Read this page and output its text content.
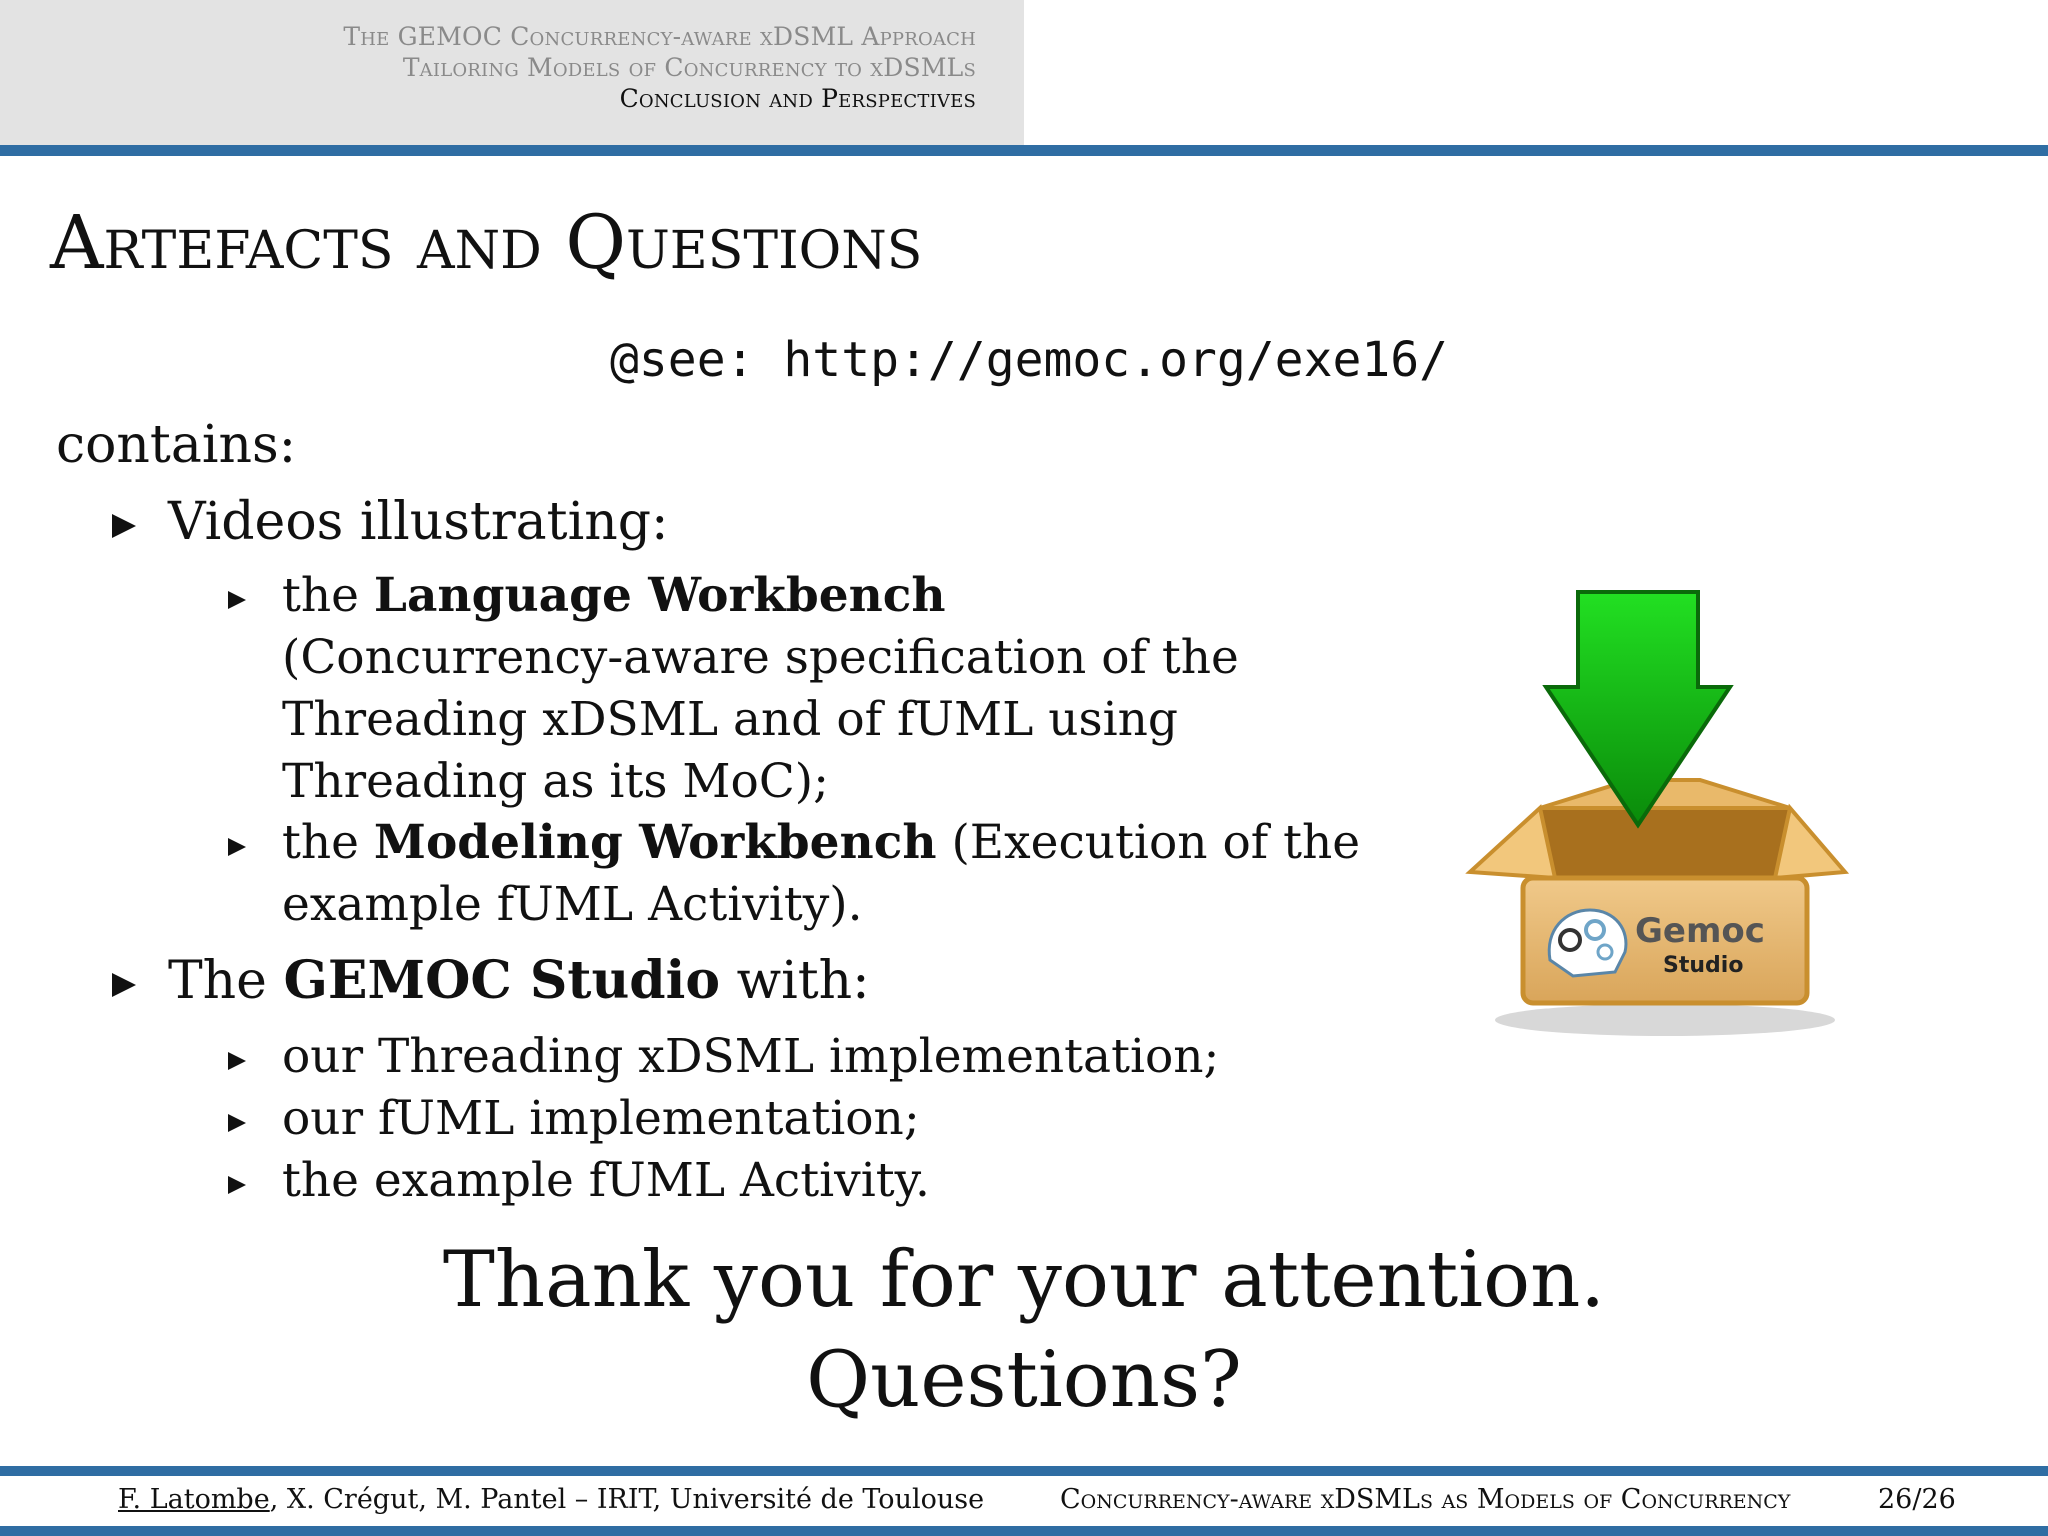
The GEMOC Concurrency-aware xDSML Approach
Tailoring Models of Concurrency to xDSMLs
Conclusion and Perspectives
Artefacts and Questions
@see: http://gemoc.org/exe16/
contains:
Videos illustrating:
the Language Workbench
(Concurrency-aware specification of the
Threading xDSML and of fUML using
Threading as its MoC);
the Modeling Workbench (Execution of the
example fUML Activity).
The GEMOC Studio with:
our Threading xDSML implementation;
our fUML implementation;
the example fUML Activity.
Gemoc
Studio
Thank you for your attention.
Questions?
F. Latombe, X. Crégut, M. Pantel – IRIT, Université de Toulouse	Concurrency-aware xDSMLs as Models of Concurrency	26/26
